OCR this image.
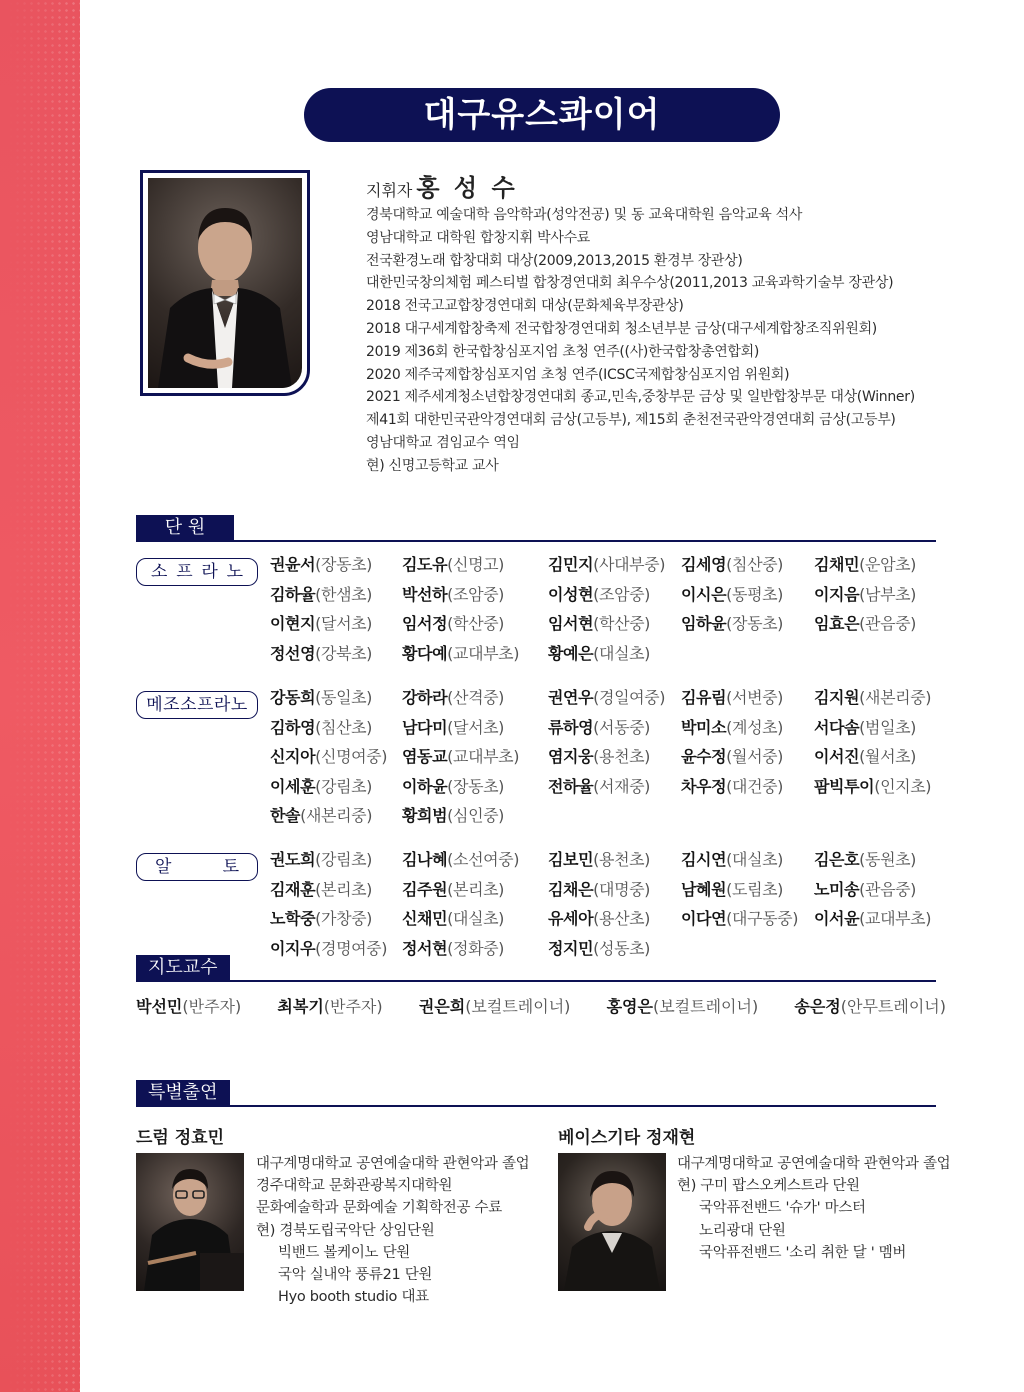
대구유스콰이어
지휘자 홍 성 수
경북대학교 예술대학 음악학과(성악전공) 및 동 교육대학원 음악교육 석사
영남대학교 대학원 합창지휘 박사수료
전국환경노래 합창대회 대상(2009,2013,2015 환경부 장관상)
대한민국창의체험 페스티벌 합창경연대회 최우수상(2011,2013 교육과학기술부 장관상)
2018 전국고교합창경연대회 대상(문화체육부장관상)
2018 대구세계합창축제 전국합창경연대회 청소년부분 금상(대구세계합창조직위원회)
2019 제36회 한국합창심포지엄 초청 연주((사)한국합창총연합회)
2020 제주국제합창심포지엄 초청 연주(ICSC국제합창심포지엄 위원회)
2021 제주세계청소년합창경연대회 종교,민속,중창부문 금상 및 일반합창부문 대상(Winner)
제41회 대한민국관악경연대회 금상(고등부), 제15회 춘천전국관악경연대회 금상(고등부)
영남대학교 겸임교수 역임
현) 신명고등학교 교사
단 원
소 프 라 노 권윤서(장동초)	김도유(신명고)	김민지(사대부중) 김세영(침산중)	김채민(운암초)
김하율(한샘초)	박선하(조암중)	이성현(조암중)	이시은(동평초)	이지음(남부초)
이현지(달서초)	임서정(학산중)	임서현(학산중)	임하윤(장동초)	임효은(관음중)
정선영(강북초)	황다예(교대부초)	황예은(대실초)
메조소프라노	강동희(동일초)	강하라(산격중)	권연우(경일여중) 김유림(서변중)	김지원(새본리중)
김하영(침산초)	남다미(달서초)	류하영(서동중)	박미소(계성초)	서다솜(범일초)
신지아(신명여중) 염동교(교대부초)	염지웅(용천초)	윤수정(월서중)	이서진(월서초)
이세훈(강림초)	이하윤(장동초)	전하율(서재중)	차우정(대건중)	팜빅투이(인지초)
한솔(새본리중)	황희범(심인중)
알	토 권도희(강림초)	김나혜(소선여중)	김보민(용천초)	김시연(대실초)	김은호(동원초)
김재훈(본리초)	김주원(본리초)	김채은(대명중)	남혜원(도림초)	노미송(관음중)
노학중(가창중)	신채민(대실초)	유세아(용산초)	이다연(대구동중) 이서윤(교대부초)
이지우(경명여중) 정서현(정화중)	정지민(성동초)
지도교수
박선민(반주자) 최복기(반주자) 권은희(보컬트레이너) 홍영은(보컬트레이너) 송은정(안무트레이너)
특별출연
드럼 정효민
대구계명대학교 공연예술대학 관현악과 졸업
경주대학교 문화관광복지대학원
문화예술학과 문화예술 기획학전공 수료
현) 경북도립국악단 상임단원
빅밴드 볼케이노 단원
국악 실내악 풍류21 단원
Hyo booth studio 대표
베이스기타 정재현
대구계명대학교 공연예술대학 관현악과 졸업
현) 구미 팝스오케스트라 단원
국악퓨전밴드 '슈가' 마스터
노리광대 단원
국악퓨전밴드 '소리 취한 달 ' 멤버
